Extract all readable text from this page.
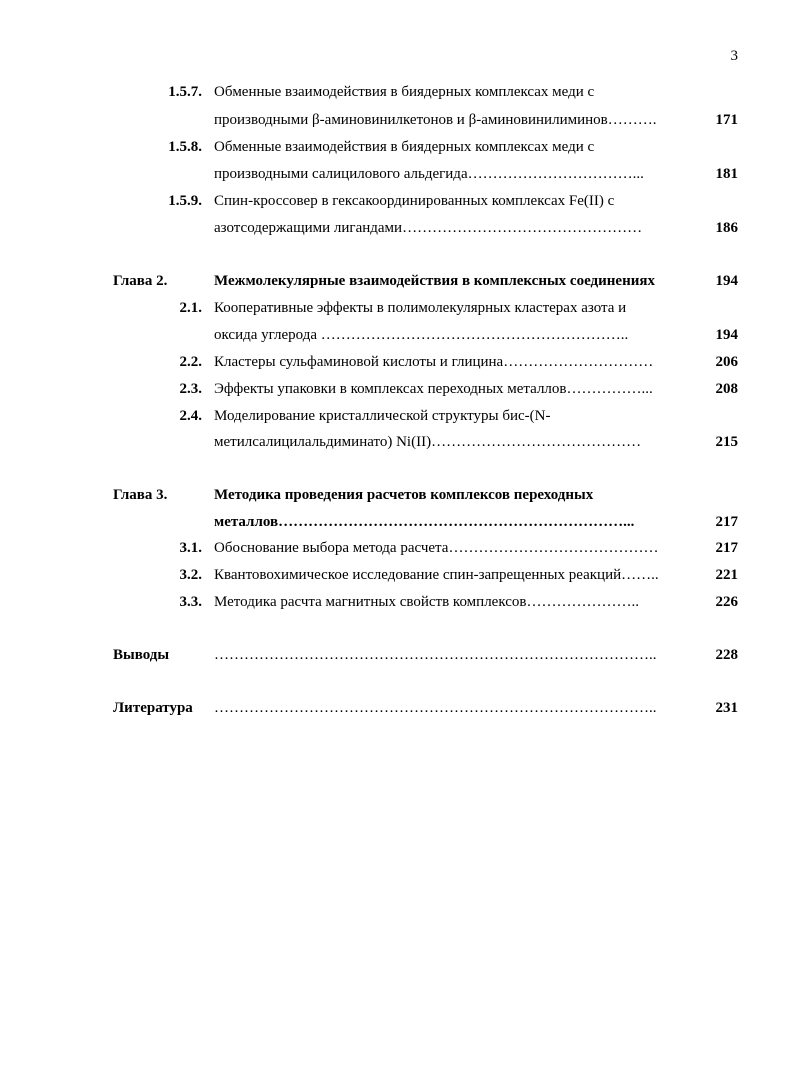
3
1.5.7. Обменные взаимодействия в биядерных комплексах меди с
производными β-аминовинилкетонов и β-аминовинилиминов……….	171
1.5.8. Обменные взаимодействия в биядерных комплексах меди с
производными салицилового альдегида……………………………...	181
1.5.9. Спин-кроссовер в гексакоординированных комплексах Fe(II) с
азотсодержащими лигандами…………………………………………	186
Глава 2.	Межмолекулярные взаимодействия в комплексных соединениях	194
2.1. Кооперативные эффекты в полимолекулярных кластерах азота и
оксида углерода ……………………………………………………..	194
2.2. Кластеры сульфаминовой кислоты и глицина…………………………	206
2.3. Эффекты упаковки в комплексах переходных металлов……………...	208
2.4. Моделирование кристаллической структуры бис-(N-
метилсалицилальдиминато) Ni(II)……………………………………	215
Глава 3.	Методика проведения расчетов комплексов переходных
металлов……………………………………………………………...	217
3.1. Обоснование выбора метода расчета……………………………………	217
3.2. Квантовохимическое исследование спин-запрещенных реакций……..	221
3.3. Методика расчта магнитных свойств комплексов…………………..	226
Выводы	……………………………………………………………………………..	228
Литература ……………………………………………………………………………..	231
